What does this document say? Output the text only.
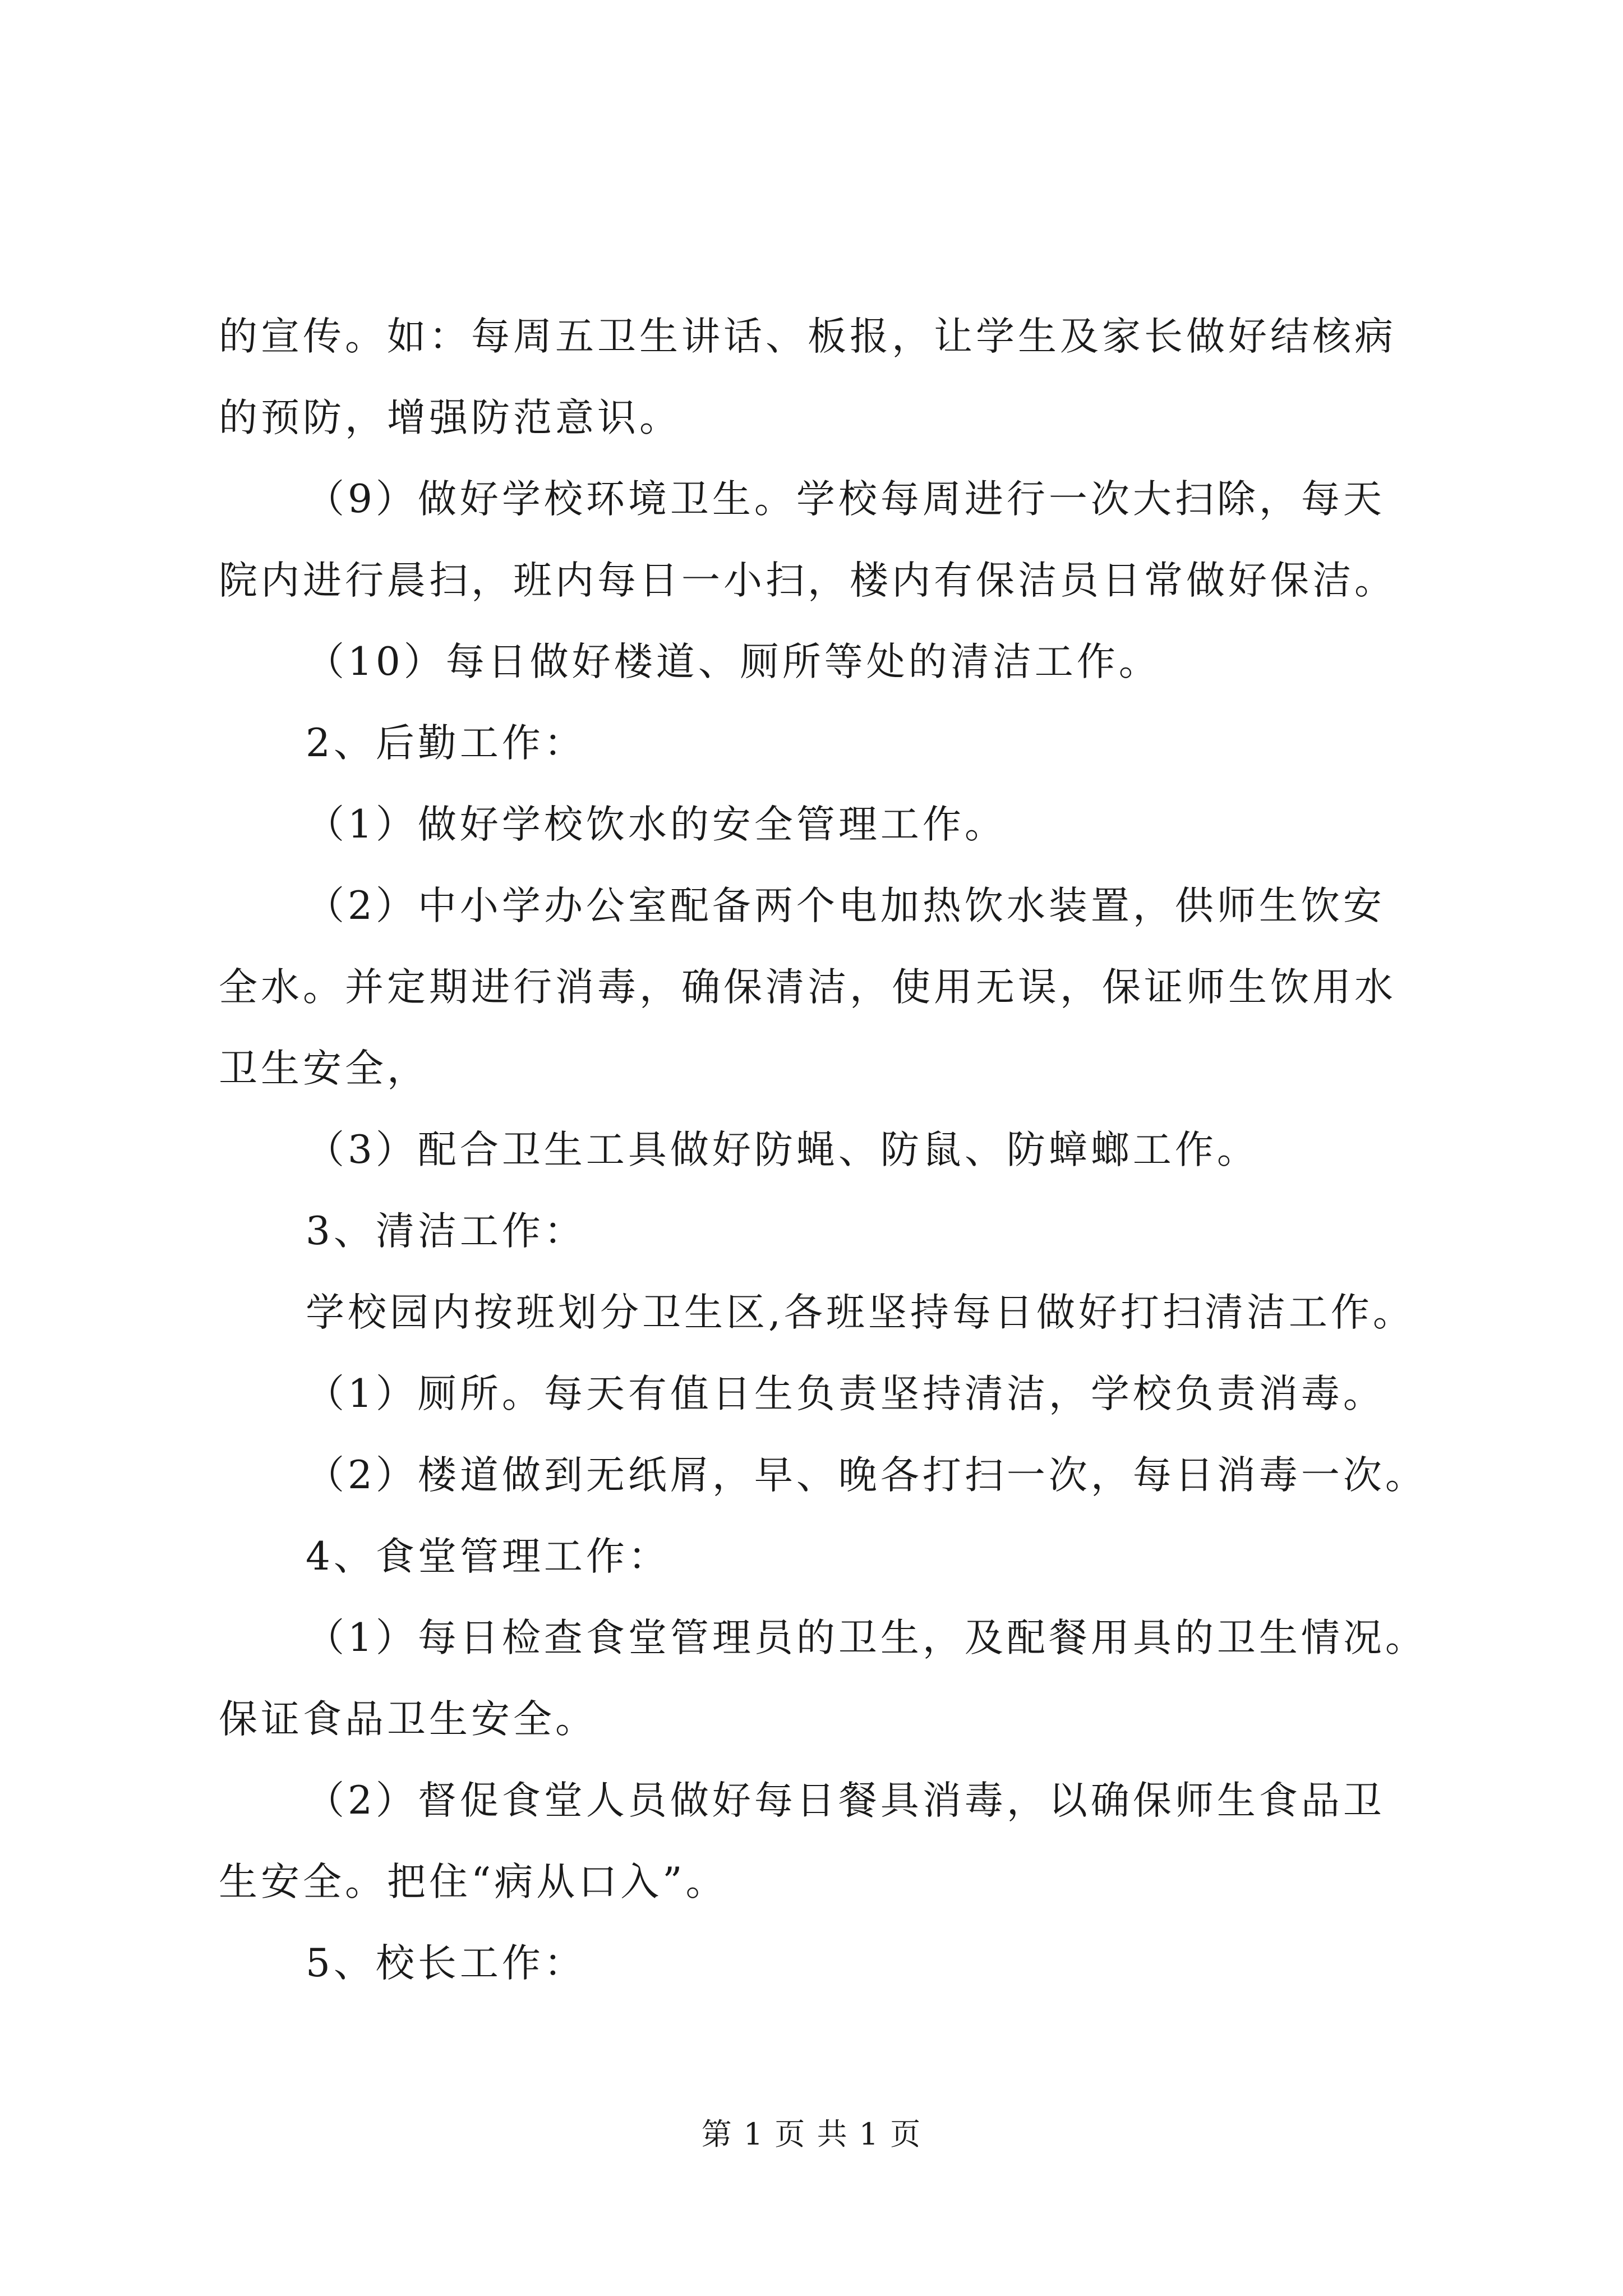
的宣传。如：每周五卫生讲话、板报，让学生及家长做好结核病
的预防，增强防范意识。
（9）做好学校环境卫生。学校每周进行一次大扫除，每天
院内进行晨扫，班内每日一小扫，楼内有保洁员日常做好保洁。
（10）每日做好楼道、厕所等处的清洁工作。
2、后勤工作：
（1）做好学校饮水的安全管理工作。
（2）中小学办公室配备两个电加热饮水装置，供师生饮安
全水。并定期进行消毒，确保清洁，使用无误，保证师生饮用水
卫生安全，
（3）配合卫生工具做好防蝇、防鼠、防蟑螂工作。
3、清洁工作：
学校园内按班划分卫生区,各班坚持每日做好打扫清洁工作。
（1）厕所。每天有值日生负责坚持清洁，学校负责消毒。
（2）楼道做到无纸屑，早、晚各打扫一次，每日消毒一次。
4、食堂管理工作：
（1）每日检查食堂管理员的卫生，及配餐用具的卫生情况。
保证食品卫生安全。
（2）督促食堂人员做好每日餐具消毒，以确保师生食品卫
生安全。把住“病从口入”。
5、校长工作：
第 1 页 共 1 页
